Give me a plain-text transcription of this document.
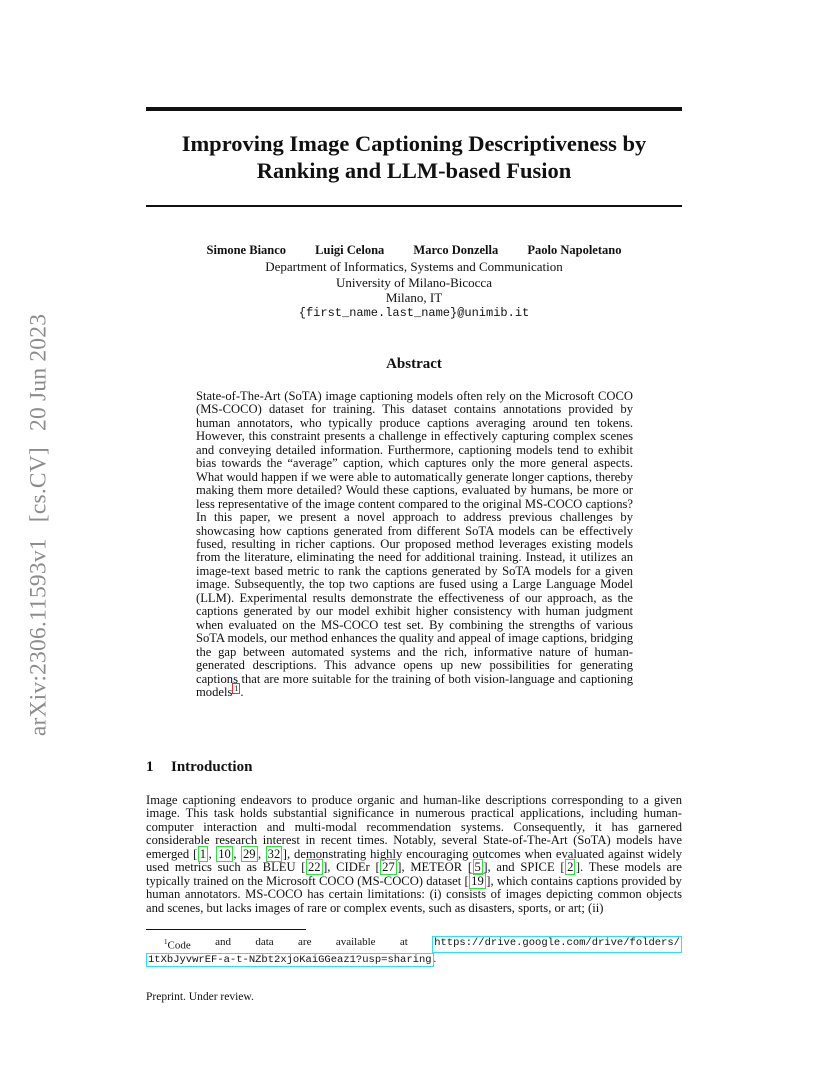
arXiv:2306.11593v1 [cs.CV] 20 Jun 2023
Improving Image Captioning Descriptiveness by
Ranking and LLM-based Fusion
Simone Bianco Luigi Celona Marco Donzella Paolo Napoletano
Department of Informatics, Systems and Communication
University of Milano-Bicocca
Milano, IT
{first_name.last_name}@unimib.it
Abstract

State-of-The-Art (SoTA) image captioning models often rely on the Microsoft COCO (MS-COCO) dataset for training. This dataset contains annotations provided by human annotators, who typically produce captions averaging around ten tokens. However, this constraint presents a challenge in effectively capturing complex scenes and conveying detailed information. Furthermore, captioning models tend to exhibit bias towards the “average” caption, which captures only the more general aspects. What would happen if we were able to automatically generate longer captions, thereby making them more detailed? Would these captions, evaluated by humans, be more or less representative of the image content compared to the original MS-COCO captions? In this paper, we present a novel approach to address previous challenges by showcasing how captions generated from different SoTA models can be effectively fused, resulting in richer captions. Our proposed method leverages existing models from the literature, eliminating the need for additional training. Instead, it utilizes an image-text based metric to rank the captions generated by SoTA models for a given image. Subsequently, the top two captions are fused using a Large Language Model (LLM). Experimental results demonstrate the effectiveness of our approach, as the captions generated by our model exhibit higher consistency with human judgment when evaluated on the MS-COCO test set. By combining the strengths of various SoTA models, our method enhances the quality and appeal of image captions, bridging the gap between automated systems and the rich, informative nature of human-generated descriptions. This advance opens up new possibilities for generating captions that are more suitable for the training of both vision-language and captioning models $^1$ .

1 Introduction

Image captioning endeavors to produce organic and human-like descriptions corresponding to a given image. This task holds substantial significance in numerous practical applications, including human-computer interaction and multi-modal recommendation systems. Consequently, it has garnered considerable research interest in recent times. Notably, several State-of-The-Art (SoTA) models have emerged [ 1 , 10 , 29 , 32 ], demonstrating highly encouraging outcomes when evaluated against widely used metrics such as BLEU [ 22 ], CIDEr [ 27 ], METEOR [ 5 ], and SPICE [ 2 ]. These models are typically trained on the Microsoft COCO (MS-COCO) dataset [ 19 ], which contains captions provided by human annotators. MS-COCO has certain limitations: (i) consists of images depicting common objects and scenes, but lacks images of rare or complex events, such as disasters, sports, or art; (ii)

$^1$Code and data are available at	https://drive.google.com/drive/folders/
1tXbJyvwrEF-a-t-NZbt2xjoKaiGGeaz1?usp=sharing .
Preprint. Under review.
